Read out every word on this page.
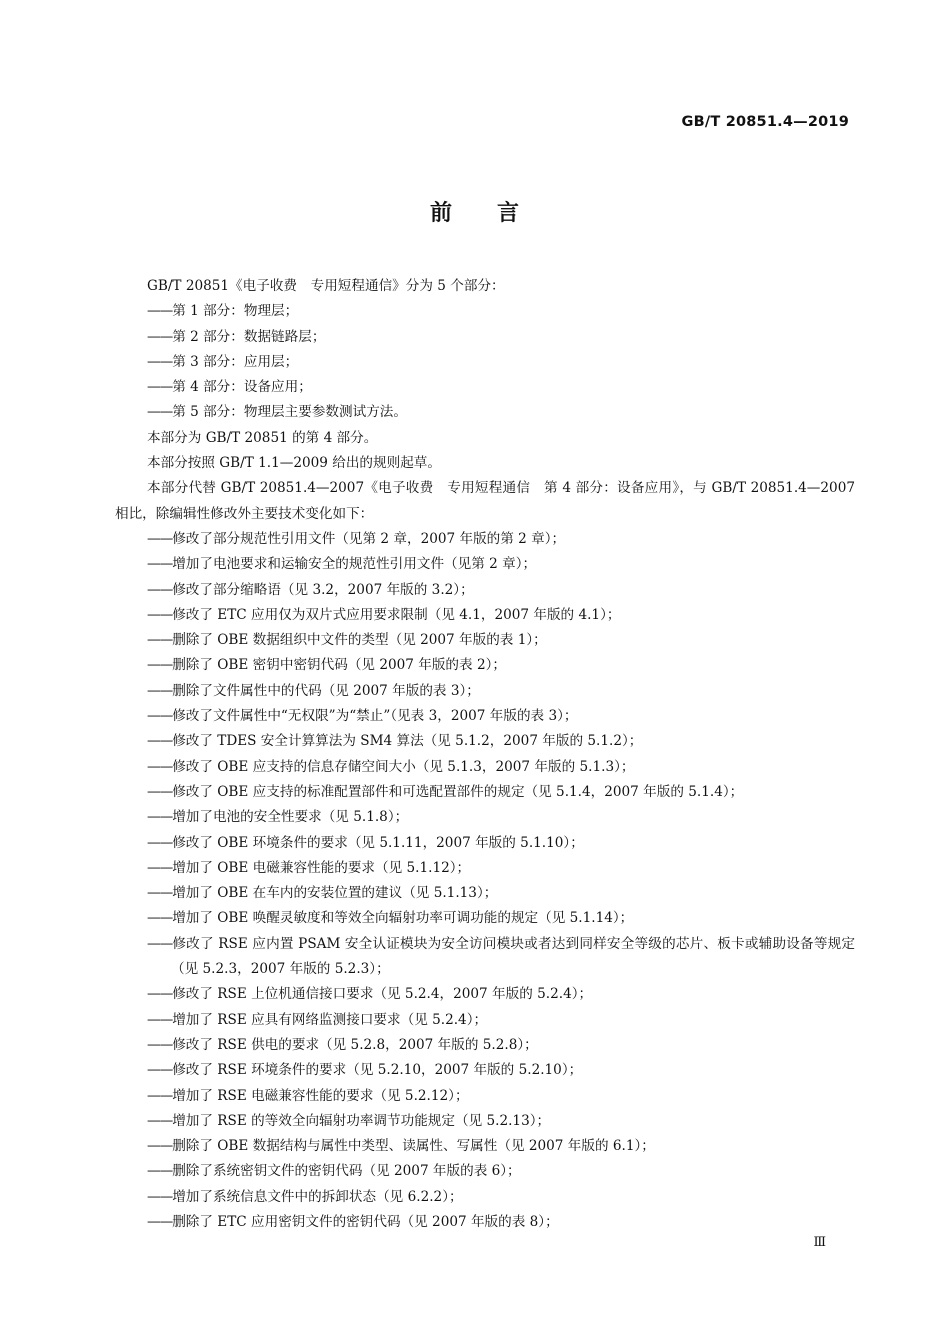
GB/T 20851.4—2019
前 言

GB/T 20851《电子收费　专用短程通信》分为 5 个部分：

——第 1 部分：物理层；

——第 2 部分：数据链路层；

——第 3 部分：应用层；

——第 4 部分：设备应用；

——第 5 部分：物理层主要参数测试方法。

本部分为 GB/T 20851 的第 4 部分。

本部分按照 GB/T 1.1—2009 给出的规则起草。

本部分代替 GB/T 20851.4—2007《电子收费　专用短程通信　第 4 部分：设备应用》，与 GB/T 20851.4—2007 相比，除编辑性修改外主要技术变化如下：

——修改了部分规范性引用文件（见第 2 章，2007 年版的第 2 章）；

——增加了电池要求和运输安全的规范性引用文件（见第 2 章）；

——修改了部分缩略语（见 3.2，2007 年版的 3.2）；

——修改了 ETC 应用仅为双片式应用要求限制（见 4.1，2007 年版的 4.1）；

——删除了 OBE 数据组织中文件的类型（见 2007 年版的表 1）；

——删除了 OBE 密钥中密钥代码（见 2007 年版的表 2）；

——删除了文件属性中的代码（见 2007 年版的表 3）；

——修改了文件属性中“无权限”为“禁止”（见表 3，2007 年版的表 3）；

——修改了 TDES 安全计算算法为 SM4 算法（见 5.1.2，2007 年版的 5.1.2）；

——修改了 OBE 应支持的信息存储空间大小（见 5.1.3，2007 年版的 5.1.3）；

——修改了 OBE 应支持的标准配置部件和可选配置部件的规定（见 5.1.4，2007 年版的 5.1.4）；

——增加了电池的安全性要求（见 5.1.8）；

——修改了 OBE 环境条件的要求（见 5.1.11，2007 年版的 5.1.10）；

——增加了 OBE 电磁兼容性能的要求（见 5.1.12）；

——增加了 OBE 在车内的安装位置的建议（见 5.1.13）；

——增加了 OBE 唤醒灵敏度和等效全向辐射功率可调功能的规定（见 5.1.14）；

——修改了 RSE 应内置 PSAM 安全认证模块为安全访问模块或者达到同样安全等级的芯片、板卡或辅助设备等规定（见 5.2.3，2007 年版的 5.2.3）；

——修改了 RSE 上位机通信接口要求（见 5.2.4，2007 年版的 5.2.4）；

——增加了 RSE 应具有网络监测接口要求（见 5.2.4）；

——修改了 RSE 供电的要求（见 5.2.8，2007 年版的 5.2.8）；

——修改了 RSE 环境条件的要求（见 5.2.10，2007 年版的 5.2.10）；

——增加了 RSE 电磁兼容性能的要求（见 5.2.12）；

——增加了 RSE 的等效全向辐射功率调节功能规定（见 5.2.13）；

——删除了 OBE 数据结构与属性中类型、读属性、写属性（见 2007 年版的 6.1）；

——删除了系统密钥文件的密钥代码（见 2007 年版的表 6）；

——增加了系统信息文件中的拆卸状态（见 6.2.2）；

——删除了 ETC 应用密钥文件的密钥代码（见 2007 年版的表 8）；

Ⅲ
